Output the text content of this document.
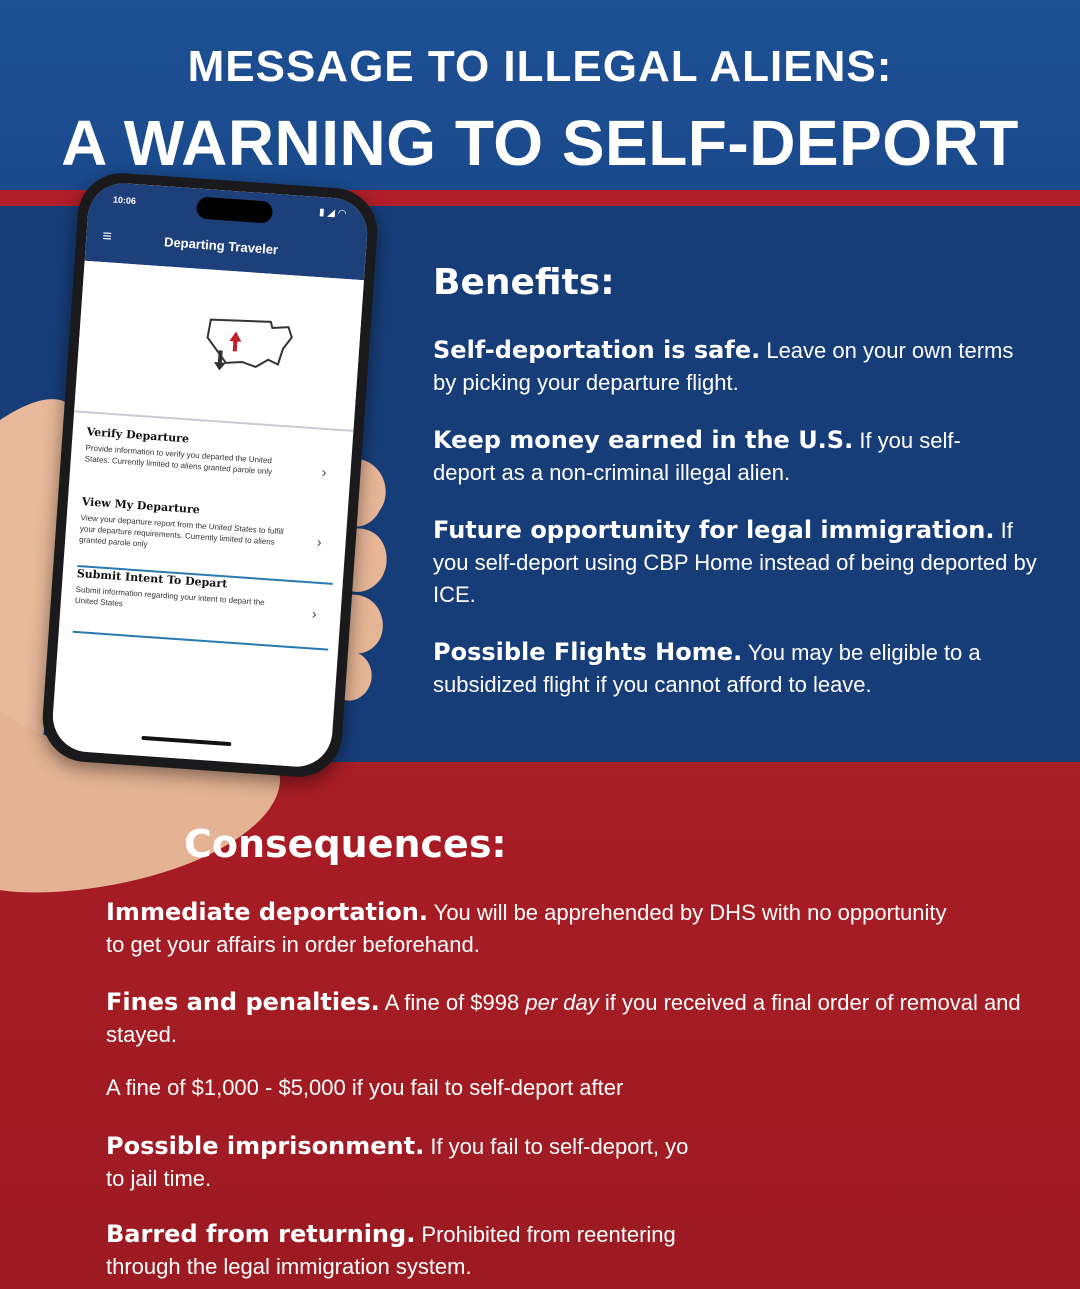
MESSAGE TO ILLEGAL ALIENS:
A WARNING TO SELF-DEPORT
10:06
▮ ◢ ◠
≡	Departing Traveler
Verify Departure
Provide information to verify you departed the United States. Currently limited to aliens granted parole only	›
View My Departure
View your departure report from the United States to fulfill your departure requirements. Currently limited to aliens granted parole only	›
Submit Intent To Depart
Submit information regarding your intent to depart the United States
›
Benefits:
Self-deportation is safe. Leave on your own terms by picking your departure flight.
Keep money earned in the U.S. If you self-deport as a non-criminal illegal alien.
Future opportunity for legal immigration. If you self-deport using CBP Home instead of being deported by ICE.
Possible Flights Home. You may be eligible to a subsidized flight if you cannot afford to leave.
Consequences:
Immediate deportation. You will be apprehended by DHS with no opportunity to get your affairs in order beforehand.
Fines and penalties. A fine of $998 per day if you received a final order of removal and stayed.
A fine of $1,000 - $5,000 if you fail to self-deport after
Possible imprisonment. If you fail to self-deport, yo
to jail time.
Barred from returning. Prohibited from reentering
through the legal immigration system.
